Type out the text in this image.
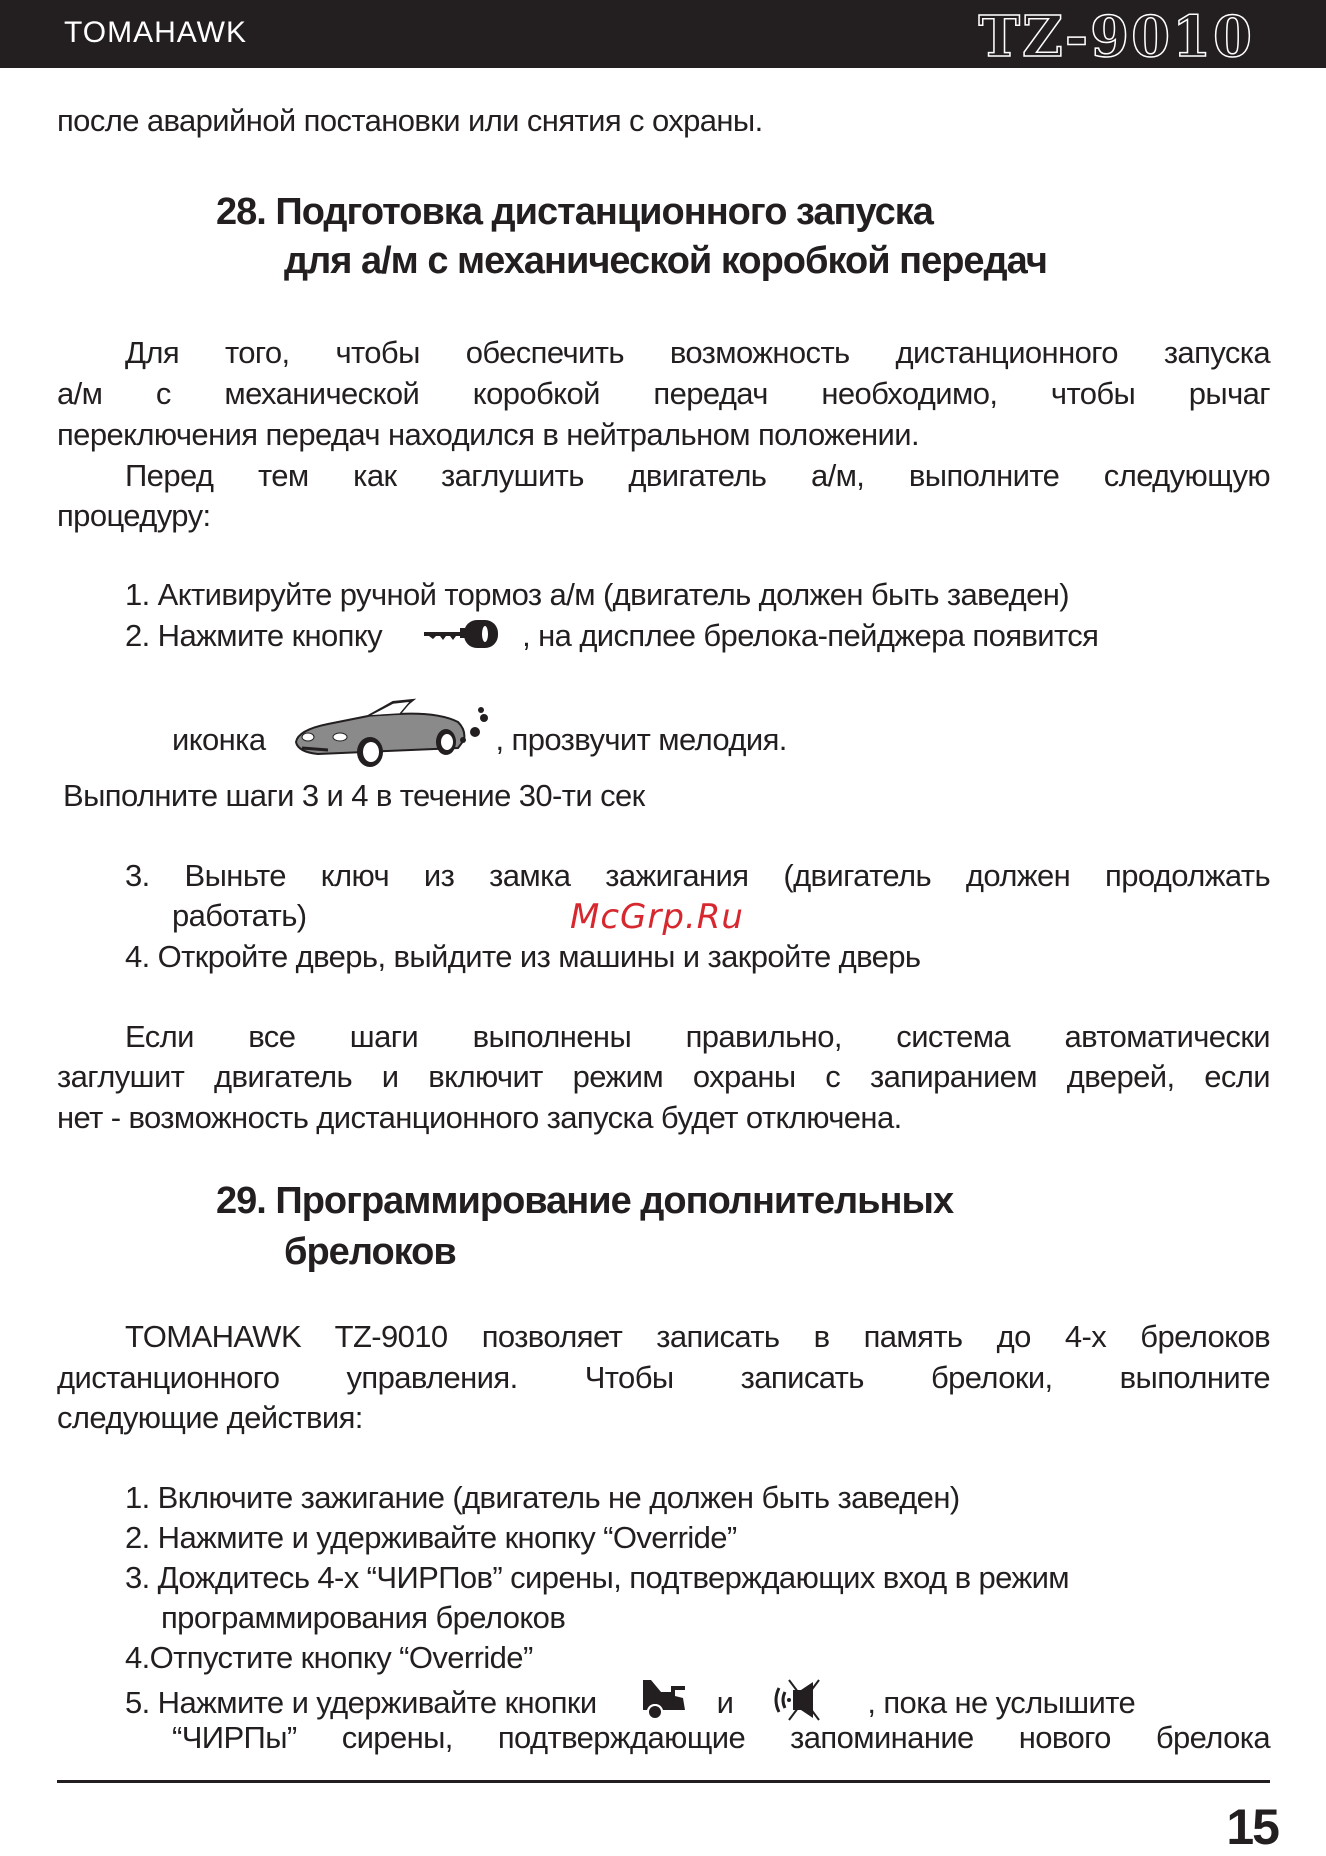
TOMAHAWK	TZ-9010
после аварийной постановки или снятия с охраны.
28. Подготовка дистанционного запуска
для а/м с механической коробкой передач
Для того, чтобы обеспечить возможность дистанционного запуска
а/м с механической коробкой передач необходимо, чтобы рычаг
переключения передач находился в нейтральном положении.
Перед тем как заглушить двигатель а/м, выполните следующую
процедуру:
1. Активируйте ручной тормоз а/м (двигатель должен быть заведен)
2. Нажмите кнопку	, на дисплее брелока-пейджера появится
иконка	, прозвучит мелодия.
Выполните шаги 3 и 4 в течение 30-ти сек
3. Выньте ключ из замка зажигания (двигатель должен продолжать
работать)	McGrp.Ru
4. Откройте дверь, выйдите из машины и закройте дверь
Если все шаги выполнены правильно, система автоматически
заглушит двигатель и включит режим охраны с запиранием дверей, если
нет - возможность дистанционного запуска будет отключена.
29. Программирование дополнительных
брелоков
TOMAHAWK TZ-9010 позволяет записать в память до 4-х брелоков
дистанционного управления. Чтобы записать брелоки, выполните
следующие действия:
1. Включите зажигание (двигатель не должен быть заведен)
2. Нажмите и удерживайте кнопку “Override”
3. Дождитесь 4-х “ЧИРПов” сирены, подтверждающих вход в режим
программирования брелоков
4.Отпустите кнопку “Override”
5. Нажмите и удерживайте кнопки	и	, пока не услышите
“ЧИРПы” сирены, подтверждающие запоминание нового брелока
15
